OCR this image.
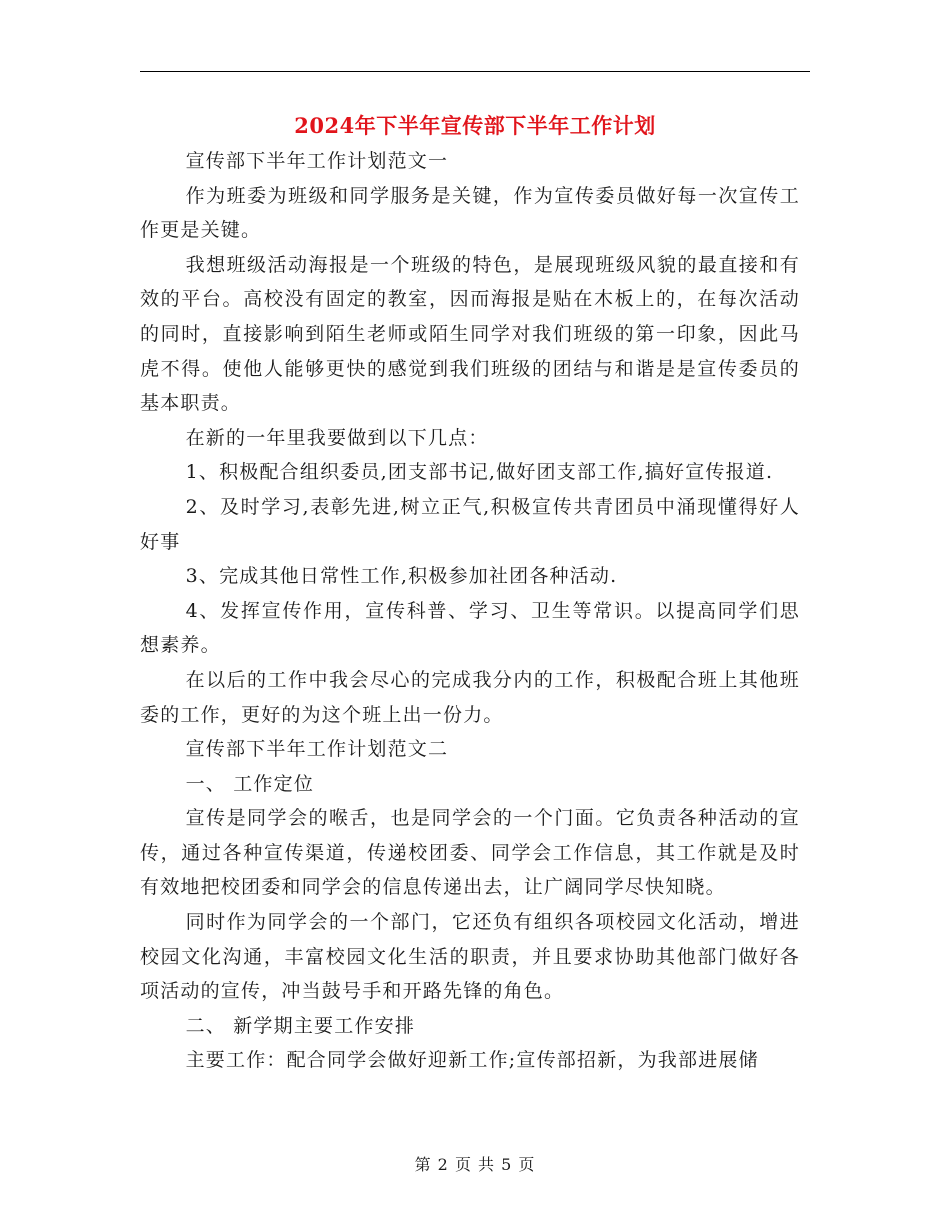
2024年下半年宣传部下半年工作计划

宣传部下半年工作计划范文一

作为班委为班级和同学服务是关键，作为宣传委员做好每一次宣传工作更是关键。

我想班级活动海报是一个班级的特色，是展现班级风貌的最直接和有效的平台。高校没有固定的教室，因而海报是贴在木板上的，在每次活动的同时，直接影响到陌生老师或陌生同学对我们班级的第一印象，因此马虎不得。使他人能够更快的感觉到我们班级的团结与和谐是是宣传委员的基本职责。

在新的一年里我要做到以下几点：

1、积极配合组织委员,团支部书记,做好团支部工作,搞好宣传报道.

2、及时学习,表彰先进,树立正气,积极宣传共青团员中涌现懂得好人好事

3、完成其他日常性工作,积极参加社团各种活动.

4、发挥宣传作用，宣传科普、学习、卫生等常识。以提高同学们思想素养。

在以后的工作中我会尽心的完成我分内的工作，积极配合班上其他班委的工作，更好的为这个班上出一份力。

宣传部下半年工作计划范文二

一、 工作定位

宣传是同学会的喉舌，也是同学会的一个门面。它负责各种活动的宣传，通过各种宣传渠道，传递校团委、同学会工作信息，其工作就是及时有效地把校团委和同学会的信息传递出去，让广阔同学尽快知晓。

同时作为同学会的一个部门，它还负有组织各项校园文化活动，增进校园文化沟通，丰富校园文化生活的职责，并且要求协助其他部门做好各项活动的宣传，冲当鼓号手和开路先锋的角色。

二、 新学期主要工作安排

主要工作：配合同学会做好迎新工作;宣传部招新，为我部进展储

第 2 页 共 5 页
